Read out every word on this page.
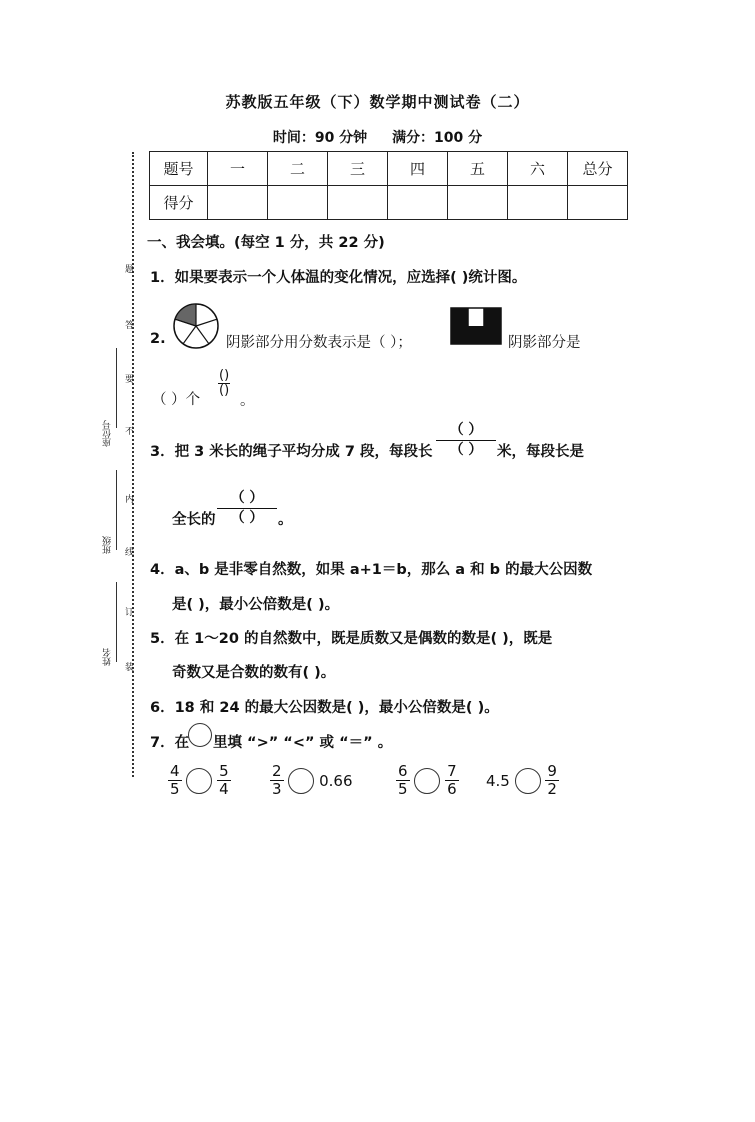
苏教版五年级（下）数学期中测试卷（二）
时间：90 分钟 满分：100 分
题号	一	二	三	四	五	六	总分
得分							
题
答
要
不
内
线
订
装
座位号
班级
姓名
一、我会填。(每空 1 分，共 22 分)
1．如果要表示一个人体温的变化情况，应选择( )统计图。
2.	阴影部分用分数表示是（ ）；	阴影部分是
（ ）个
()
()
。
3．把 3 米长的绳子平均分成 7 段，每段长
（ ）
（ ）	米，每段长是
全长的
（ ）
（ ）	。
4．a、b 是非零自然数，如果 a+1＝b，那么 a 和 b 的最大公因数
是( )，最小公倍数是( )。
5．在 1～20 的自然数中，既是质数又是偶数的数是( )，既是
奇数又是合数的数有( )。
6．18 和 24 的最大公因数是( )，最小公倍数是( )。
7．在 里填 “>” “<” 或 “＝” 。
$\frac{4}{5}$
$\frac{5}{4}$	$\frac{2}{3} 0.66$	$\frac{6}{5}$
$\frac{7}{6} 4.5 \frac{9}{2}$
